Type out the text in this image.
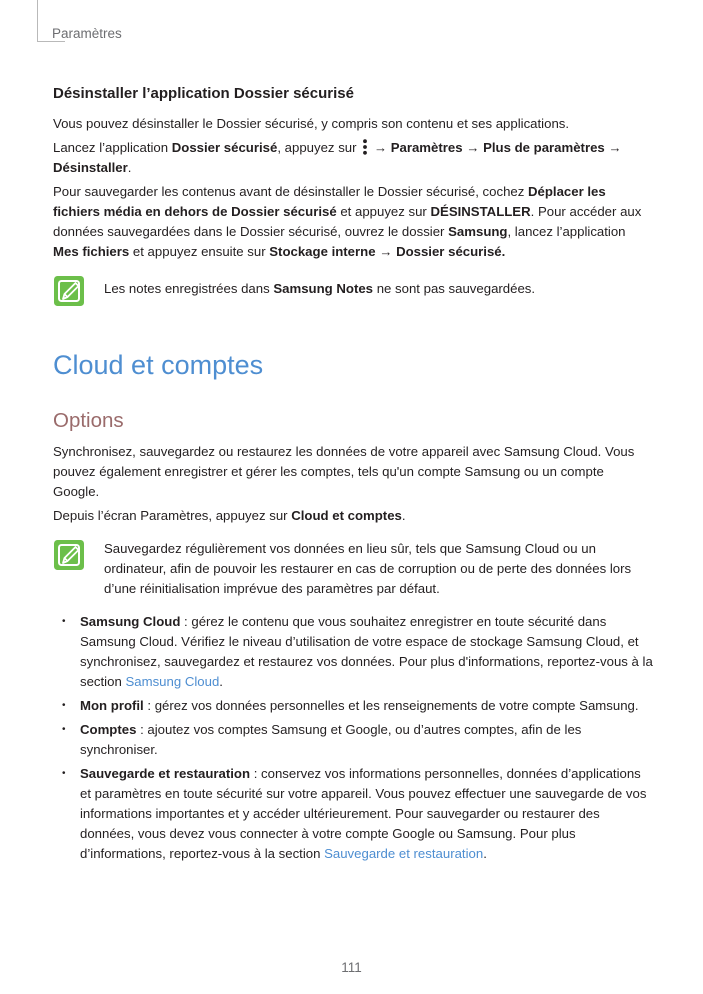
Paramètres
Désinstaller l’application Dossier sécurisé

Vous pouvez désinstaller le Dossier sécurisé, y compris son contenu et ses applications.

Lancez l’application Dossier sécurisé, appuyez sur  → Paramètres → Plus de paramètres → Désinstaller.

Pour sauvegarder les contenus avant de désinstaller le Dossier sécurisé, cochez Déplacer les fichiers média en dehors de Dossier sécurisé et appuyez sur DÉSINSTALLER. Pour accéder aux données sauvegardées dans le Dossier sécurisé, ouvrez le dossier Samsung, lancez l’application Mes fichiers et appuyez ensuite sur Stockage interne → Dossier sécurisé.

Les notes enregistrées dans Samsung Notes ne sont pas sauvegardées.

Cloud et comptes
Options

Synchronisez, sauvegardez ou restaurez les données de votre appareil avec Samsung Cloud. Vous pouvez également enregistrer et gérer les comptes, tels qu'un compte Samsung ou un compte Google.

Depuis l’écran Paramètres, appuyez sur Cloud et comptes.

Sauvegardez régulièrement vos données en lieu sûr, tels que Samsung Cloud ou un ordinateur, afin de pouvoir les restaurer en cas de corruption ou de perte des données lors d’une réinitialisation imprévue des paramètres par défaut.

• Samsung Cloud : gérez le contenu que vous souhaitez enregistrer en toute sécurité dans Samsung Cloud. Vérifiez le niveau d’utilisation de votre espace de stockage Samsung Cloud, et synchronisez, sauvegardez et restaurez vos données. Pour plus d'informations, reportez-vous à la section Samsung Cloud.
• Mon profil : gérez vos données personnelles et les renseignements de votre compte Samsung.
• Comptes : ajoutez vos comptes Samsung et Google, ou d’autres comptes, afin de les synchroniser.
• Sauvegarde et restauration : conservez vos informations personnelles, données d’applications et paramètres en toute sécurité sur votre appareil. Vous pouvez effectuer une sauvegarde de vos informations importantes et y accéder ultérieurement. Pour sauvegarder ou restaurer des données, vous devez vous connecter à votre compte Google ou Samsung. Pour plus d’informations, reportez-vous à la section Sauvegarde et restauration.
111
